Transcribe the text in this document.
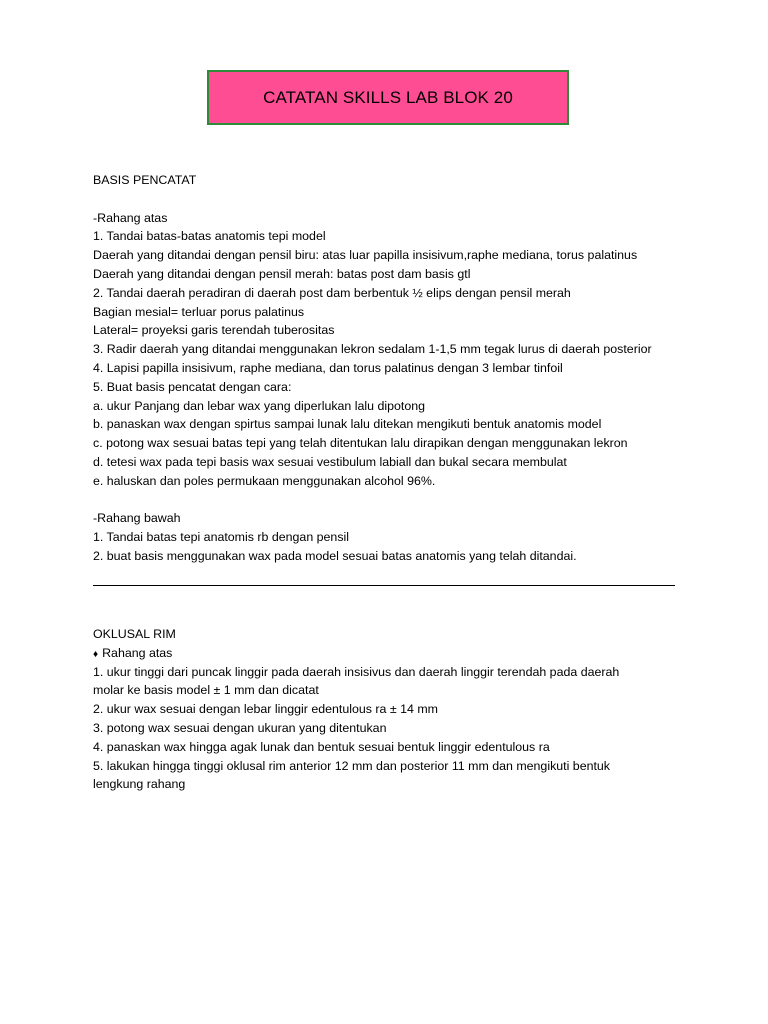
CATATAN SKILLS LAB BLOK 20
BASIS PENCATAT
-Rahang atas
1. Tandai batas-batas anatomis tepi model
Daerah yang ditandai dengan pensil biru: atas luar papilla insisivum,raphe mediana, torus palatinus
Daerah yang ditandai dengan pensil merah: batas post dam basis gtl
2. Tandai daerah peradiran di daerah post dam berbentuk ½ elips dengan pensil merah
Bagian mesial= terluar porus palatinus
Lateral= proyeksi garis terendah tuberositas
3. Radir daerah yang ditandai menggunakan lekron sedalam 1-1,5 mm tegak lurus di daerah posterior
4. Lapisi papilla insisivum, raphe mediana, dan torus palatinus dengan 3 lembar tinfoil
5. Buat basis pencatat dengan cara:
a. ukur Panjang dan lebar wax yang diperlukan lalu dipotong
b. panaskan wax dengan spirtus sampai lunak lalu ditekan mengikuti bentuk anatomis model
c. potong wax sesuai batas tepi yang telah ditentukan lalu dirapikan dengan menggunakan lekron
d. tetesi wax pada tepi basis wax sesuai vestibulum labiall dan bukal secara membulat
e. haluskan dan poles permukaan menggunakan alcohol 96%.
-Rahang bawah
1. Tandai batas tepi anatomis rb dengan pensil
2. buat basis menggunakan wax pada model sesuai batas anatomis yang telah ditandai.
OKLUSAL RIM
♦ Rahang atas
1. ukur tinggi dari puncak linggir pada daerah insisivus dan daerah linggir terendah pada daerah
molar ke basis model ± 1 mm dan dicatat
2. ukur wax sesuai dengan lebar linggir edentulous ra ± 14 mm
3. potong wax sesuai dengan ukuran yang ditentukan
4. panaskan wax hingga agak lunak dan bentuk sesuai bentuk linggir edentulous ra
5. lakukan hingga tinggi oklusal rim anterior 12 mm dan posterior 11 mm dan mengikuti bentuk
lengkung rahang
